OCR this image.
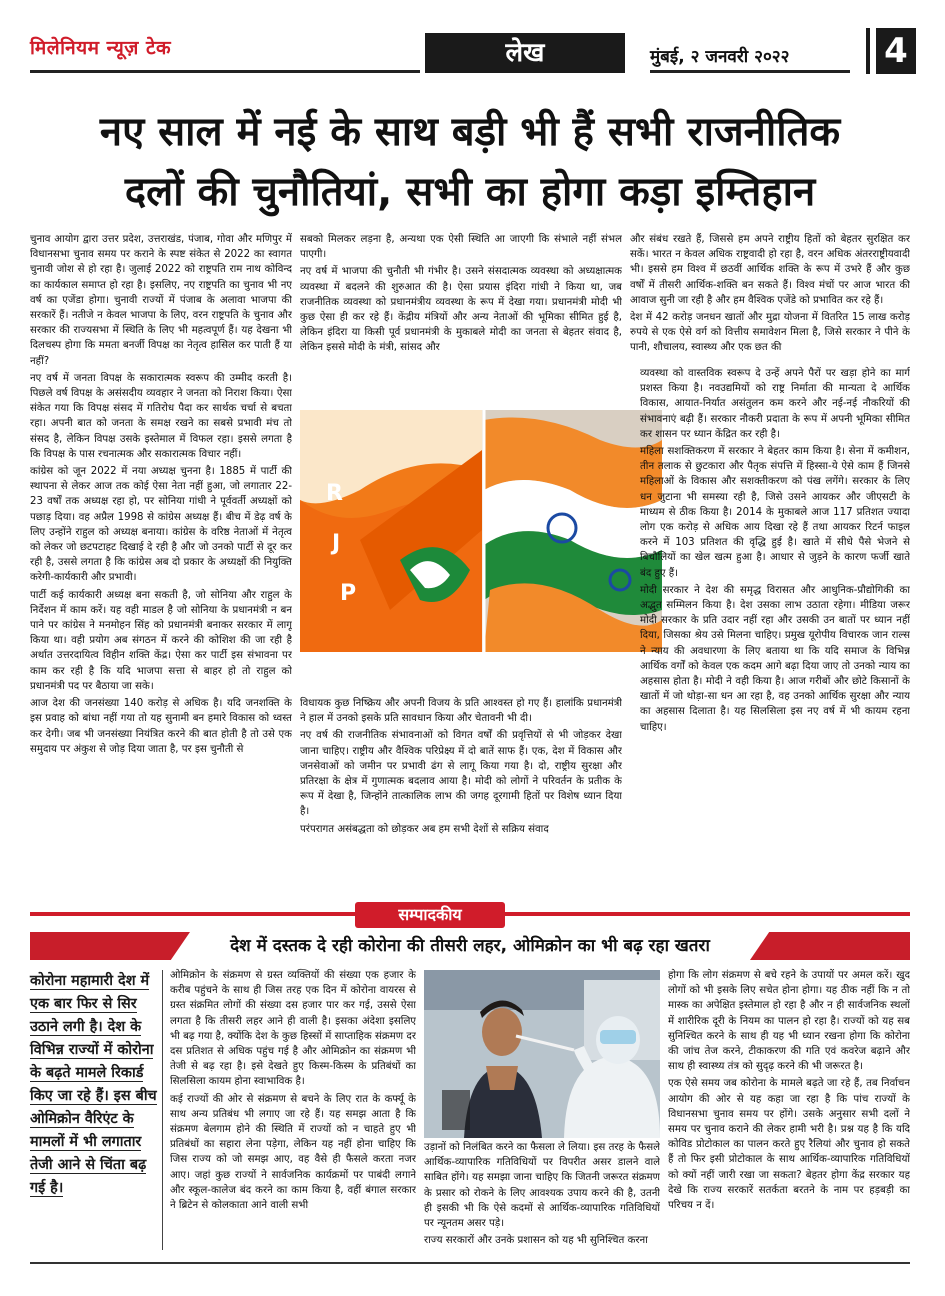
मिलेनियम न्यूज़ टेक	लेख	मुंबई, २ जनवरी २०२२	4
नए साल में नई के साथ बड़ी भी हैं सभी राजनीतिक
दलों की चुनौतियां, सभी का होगा कड़ा इम्तिहान

चुनाव आयोग द्वारा उत्तर प्रदेश, उत्तराखंड, पंजाब, गोवा और मणिपुर में विधानसभा चुनाव समय पर कराने के स्पष्ट संकेत से 2022 का स्वागत चुनावी जोश से हो रहा है। जुलाई 2022 को राष्ट्रपति राम नाथ कोविन्द का कार्यकाल समाप्त हो रहा है। इसलिए, नए राष्ट्रपति का चुनाव भी नए वर्ष का एजेंडा होगा। चुनावी राज्यों में पंजाब के अलावा भाजपा की सरकारें हैं। नतीजे न केवल भाजपा के लिए, वरन राष्ट्रपति के चुनाव और सरकार की राज्यसभा में स्थिति के लिए भी महत्वपूर्ण हैं। यह देखना भी दिलचस्प होगा कि ममता बनर्जी विपक्ष का नेतृत्व हासिल कर पाती हैं या नहीं?

नए वर्ष में जनता विपक्ष के सकारात्मक स्वरूप की उम्मीद करती है। पिछले वर्ष विपक्ष के असंसदीय व्यवहार ने जनता को निराश किया। ऐसा संकेत गया कि विपक्ष संसद में गतिरोध पैदा कर सार्थक चर्चा से बचता रहा। अपनी बात को जनता के समक्ष रखने का सबसे प्रभावी मंच तो संसद है, लेकिन विपक्ष उसके इस्तेमाल में विफल रहा। इससे लगता है कि विपक्ष के पास रचनात्मक और सकारात्मक विचार नहीं।

कांग्रेस को जून 2022 में नया अध्यक्ष चुनना है। 1885 में पार्टी की स्थापना से लेकर आज तक कोई ऐसा नेता नहीं हुआ, जो लगातार 22-23 वर्षों तक अध्यक्ष रहा हो, पर सोनिया गांधी ने पूर्ववर्ती अध्यक्षों को पछाड़ दिया। वह अप्रैल 1998 से कांग्रेस अध्यक्ष हैं। बीच में डेढ़ वर्ष के लिए उन्होंने राहुल को अध्यक्ष बनाया। कांग्रेस के वरिष्ठ नेताओं में नेतृत्व को लेकर जो छटपटाहट दिखाई दे रही है और जो उनको पार्टी से दूर कर रही है, उससे लगता है कि कांग्रेस अब दो प्रकार के अध्यक्षों की नियुक्ति करेगी-कार्यकारी और प्रभावी।

पार्टी कई कार्यकारी अध्यक्ष बना सकती है, जो सोनिया और राहुल के निर्देशन में काम करें। यह वही माडल है जो सोनिया के प्रधानमंत्री न बन पाने पर कांग्रेस ने मनमोहन सिंह को प्रधानमंत्री बनाकर सरकार में लागू किया था। वही प्रयोग अब संगठन में करने की कोशिश की जा रही है अर्थात उत्तरदायित्व विहीन शक्ति केंद्र। ऐसा कर पार्टी इस संभावना पर काम कर रही है कि यदि भाजपा सत्ता से बाहर हो तो राहुल को प्रधानमंत्री पद पर बैठाया जा सके।

आज देश की जनसंख्या 140 करोड़ से अधिक है। यदि जनशक्ति के इस प्रवाह को बांधा नहीं गया तो यह सुनामी बन हमारे विकास को ध्वस्त कर देगी। जब भी जनसंख्या नियंत्रित करने की बात होती है तो उसे एक समुदाय पर अंकुश से जोड़ दिया जाता है, पर इस चुनौती से

सबको मिलकर लड़ना है, अन्यथा एक ऐसी स्थिति आ जाएगी कि संभाले नहीं संभल पाएगी।

नए वर्ष में भाजपा की चुनौती भी गंभीर है। उसने संसदात्मक व्यवस्था को अध्यक्षात्मक व्यवस्था में बदलने की शुरुआत की है। ऐसा प्रयास इंदिरा गांधी ने किया था, जब राजनीतिक व्यवस्था को प्रधानमंत्रीय व्यवस्था के रूप में देखा गया। प्रधानमंत्री मोदी भी कुछ ऐसा ही कर रहे हैं। केंद्रीय मंत्रियों और अन्य नेताओं की भूमिका सीमित हुई है, लेकिन इंदिरा या किसी पूर्व प्रधानमंत्री के मुकाबले मोदी का जनता से बेहतर संवाद है, लेकिन इससे मोदी के मंत्री, सांसद और

R
J
P

विधायक कुछ निष्क्रिय और अपनी विजय के प्रति आश्वस्त हो गए हैं। हालांकि प्रधानमंत्री ने हाल में उनको इसके प्रति सावधान किया और चेतावनी भी दी।

नए वर्ष की राजनीतिक संभावनाओं को विगत वर्षों की प्रवृत्तियों से भी जोड़कर देखा जाना चाहिए। राष्ट्रीय और वैश्विक परिप्रेक्ष्य में दो बातें साफ हैं। एक, देश में विकास और जनसेवाओं को जमीन पर प्रभावी ढंग से लागू किया गया है। दो, राष्ट्रीय सुरक्षा और प्रतिरक्षा के क्षेत्र में गुणात्मक बदलाव आया है। मोदी को लोगों ने परिवर्तन के प्रतीक के रूप में देखा है, जिन्होंने तात्कालिक लाभ की जगह दूरगामी हितों पर विशेष ध्यान दिया है।

परंपरागत असंबद्धता को छोड़कर अब हम सभी देशों से सक्रिय संवाद

और संबंध रखते हैं, जिससे हम अपने राष्ट्रीय हितों को बेहतर सुरक्षित कर सकें। भारत न केवल अधिक राष्ट्रवादी हो रहा है, वरन अधिक अंतरराष्ट्रीयवादी भी। इससे हम विश्व में छठवीं आर्थिक शक्ति के रूप में उभरे हैं और कुछ वर्षों में तीसरी आर्थिक-शक्ति बन सकते हैं। विश्व मंचों पर आज भारत की आवाज सुनी जा रही है और हम वैश्विक एजेंडे को प्रभावित कर रहे हैं।

देश में 42 करोड़ जनधन खातों और मुद्रा योजना में वितरित 15 लाख करोड़ रुपये से एक ऐसे वर्ग को वित्तीय समावेशन मिला है, जिसे सरकार ने पीने के पानी, शौचालय, स्वास्थ्य और एक छत की

व्यवस्था को वास्तविक स्वरूप दे उन्हें अपने पैरों पर खड़ा होने का मार्ग प्रशस्त किया है। नवउद्यमियों को राष्ट्र निर्माता की मान्यता दे आर्थिक विकास, आयात-निर्यात असंतुलन कम करने और नई-नई नौकरियों की संभावनाएं बढ़ी हैं। सरकार नौकरी प्रदाता के रूप में अपनी भूमिका सीमित कर शासन पर ध्यान केंद्रित कर रही है।

महिला सशक्तिकरण में सरकार ने बेहतर काम किया है। सेना में कमीशन, तीन तलाक से छुटकारा और पैतृक संपत्ति में हिस्सा-ये ऐसे काम हैं जिनसे महिलाओं के विकास और सशक्तीकरण को पंख लगेंगे। सरकार के लिए धन जुटाना भी समस्या रही है, जिसे उसने आयकर और जीएसटी के माध्यम से ठीक किया है। 2014 के मुकाबले आज 117 प्रतिशत ज्यादा लोग एक करोड़ से अधिक आय दिखा रहे हैं तथा आयकर रिटर्न फाइल करने में 103 प्रतिशत की वृद्धि हुई है। खाते में सीधे पैसे भेजने से बिचौलियों का खेल खत्म हुआ है। आधार से जुड़ने के कारण फर्जी खाते बंद हुए हैं।

मोदी सरकार ने देश की समृद्ध विरासत और आधुनिक-प्रौद्योगिकी का अद्भुत सम्मिलन किया है। देश उसका लाभ उठाता रहेगा। मीडिया जरूर मोदी सरकार के प्रति उदार नहीं रहा और उसकी उन बातों पर ध्यान नहीं दिया, जिसका श्रेय उसे मिलना चाहिए। प्रमुख यूरोपीय विचारक जान राल्स ने न्याय की अवधारणा के लिए बताया था कि यदि समाज के विभिन्न आर्थिक वर्गों को केवल एक कदम आगे बढ़ा दिया जाए तो उनको न्याय का अहसास होता है। मोदी ने वही किया है। आज गरीबों और छोटे किसानों के खातों में जो थोड़ा-सा धन आ रहा है, वह उनको आर्थिक सुरक्षा और न्याय का अहसास दिलाता है। यह सिलसिला इस नए वर्ष में भी कायम रहना चाहिए।

सम्पादकीय
देश में दस्तक दे रही कोरोना की तीसरी लहर, ओमिक्रोन का भी बढ़ रहा खतरा
कोरोना महामारी देश में एक बार फिर से सिर उठाने लगी है। देश के विभिन्न राज्यों में कोरोना के बढ़ते मामले रिकार्ड किए जा रहे हैं। इस बीच ओमिक्रोन वैरिएंट के मामलों में भी लगातार तेजी आने से चिंता बढ़ गई है।

ओमिक्रोन के संक्रमण से ग्रस्त व्यक्तियों की संख्या एक हजार के करीब पहुंचने के साथ ही जिस तरह एक दिन में कोरोना वायरस से ग्रस्त संक्रमित लोगों की संख्या दस हजार पार कर गई, उससे ऐसा लगता है कि तीसरी लहर आने ही वाली है। इसका अंदेशा इसलिए भी बढ़ गया है, क्योंकि देश के कुछ हिस्सों में साप्ताहिक संक्रमण दर दस प्रतिशत से अधिक पहुंच गई है और ओमिक्रोन का संक्रमण भी तेजी से बढ़ रहा है। इसे देखते हुए किस्म-किस्म के प्रतिबंधों का सिलसिला कायम होना स्वाभाविक है।

कई राज्यों की ओर से संक्रमण से बचने के लिए रात के कर्फ्यू के साथ अन्य प्रतिबंध भी लगाए जा रहे हैं। यह समझ आता है कि संक्रमण बेलगाम होने की स्थिति में राज्यों को न चाहते हुए भी प्रतिबंधों का सहारा लेना पड़ेगा, लेकिन यह नहीं होना चाहिए कि जिस राज्य को जो समझ आए, वह वैसे ही फैसले करता नजर आए। जहां कुछ राज्यों ने सार्वजनिक कार्यक्रमों पर पाबंदी लगाने और स्कूल-कालेज बंद करने का काम किया है, वहीं बंगाल सरकार ने ब्रिटेन से कोलकाता आने वाली सभी

उड़ानों को निलंबित करने का फैसला ले लिया। इस तरह के फैसले आर्थिक-व्यापारिक गतिविधियों पर विपरीत असर डालने वाले साबित होंगे। यह समझा जाना चाहिए कि जितनी जरूरत संक्रमण के प्रसार को रोकने के लिए आवश्यक उपाय करने की है, उतनी ही इसकी भी कि ऐसे कदमों से आर्थिक-व्यापारिक गतिविधियों पर न्यूनतम असर पड़े।

राज्य सरकारों और उनके प्रशासन को यह भी सुनिश्चित करना

होगा कि लोग संक्रमण से बचे रहने के उपायों पर अमल करें। खुद लोगों को भी इसके लिए सचेत होना होगा। यह ठीक नहीं कि न तो मास्क का अपेक्षित इस्तेमाल हो रहा है और न ही सार्वजनिक स्थलों में शारीरिक दूरी के नियम का पालन हो रहा है। राज्यों को यह सब सुनिश्चित करने के साथ ही यह भी ध्यान रखना होगा कि कोरोना की जांच तेज करने, टीकाकरण की गति एवं कवरेज बढ़ाने और साथ ही स्वास्थ्य तंत्र को सुदृढ़ करने की भी जरूरत है।

एक ऐसे समय जब कोरोना के मामले बढ़ते जा रहे हैं, तब निर्वाचन आयोग की ओर से यह कहा जा रहा है कि पांच राज्यों के विधानसभा चुनाव समय पर होंगे। उसके अनुसार सभी दलों ने समय पर चुनाव कराने की लेकर हामी भरी है। प्रश्न यह है कि यदि कोविड प्रोटोकाल का पालन करते हुए रैलियां और चुनाव हो सकते हैं तो फिर इसी प्रोटोकाल के साथ आर्थिक-व्यापारिक गतिविधियों को क्यों नहीं जारी रखा जा सकता? बेहतर होगा केंद्र सरकार यह देखे कि राज्य सरकारें सतर्कता बरतने के नाम पर हड़बड़ी का परिचय न दें।
